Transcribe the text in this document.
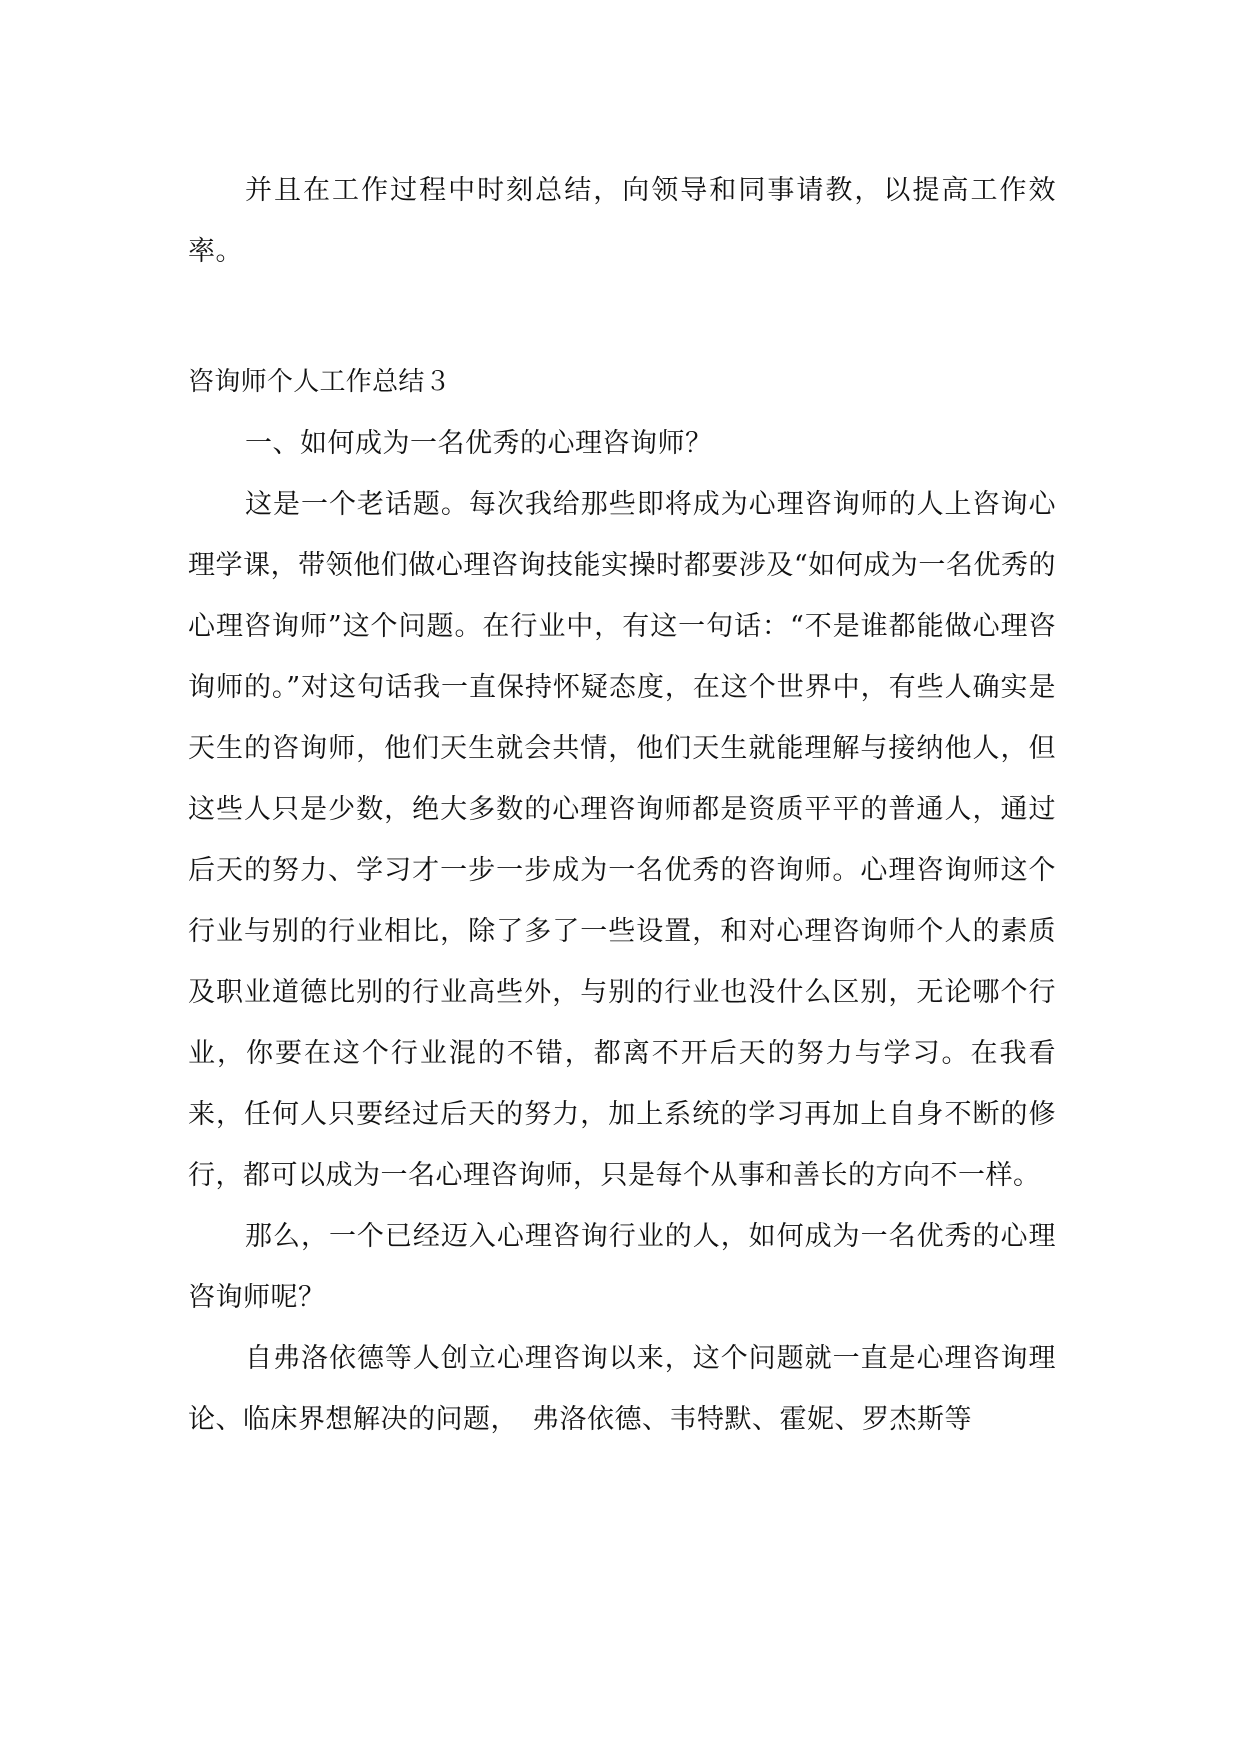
并且在工作过程中时刻总结，向领导和同事请教，以提高工作效率。

咨询师个人工作总结３

一、如何成为一名优秀的心理咨询师？

这是一个老话题。每次我给那些即将成为心理咨询师的人上咨询心理学课，带领他们做心理咨询技能实操时都要涉及“如何成为一名优秀的心理咨询师”这个问题。在行业中，有这一句话：“不是谁都能做心理咨询师的。”对这句话我一直保持怀疑态度，在这个世界中，有些人确实是天生的咨询师，他们天生就会共情，他们天生就能理解与接纳他人，但这些人只是少数，绝大多数的心理咨询师都是资质平平的普通人，通过后天的努力、学习才一步一步成为一名优秀的咨询师。心理咨询师这个行业与别的行业相比，除了多了一些设置，和对心理咨询师个人的素质及职业道德比别的行业高些外，与别的行业也没什么区别，无论哪个行业，你要在这个行业混的不错，都离不开后天的努力与学习。在我看来，任何人只要经过后天的努力，加上系统的学习再加上自身不断的修行，都可以成为一名心理咨询师，只是每个从事和善长的方向不一样。

那么，一个已经迈入心理咨询行业的人，如何成为一名优秀的心理咨询师呢？

自弗洛依德等人创立心理咨询以来，这个问题就一直是心理咨询理论、临床界想解决的问题，　弗洛依德、韦特默、霍妮、罗杰斯等
